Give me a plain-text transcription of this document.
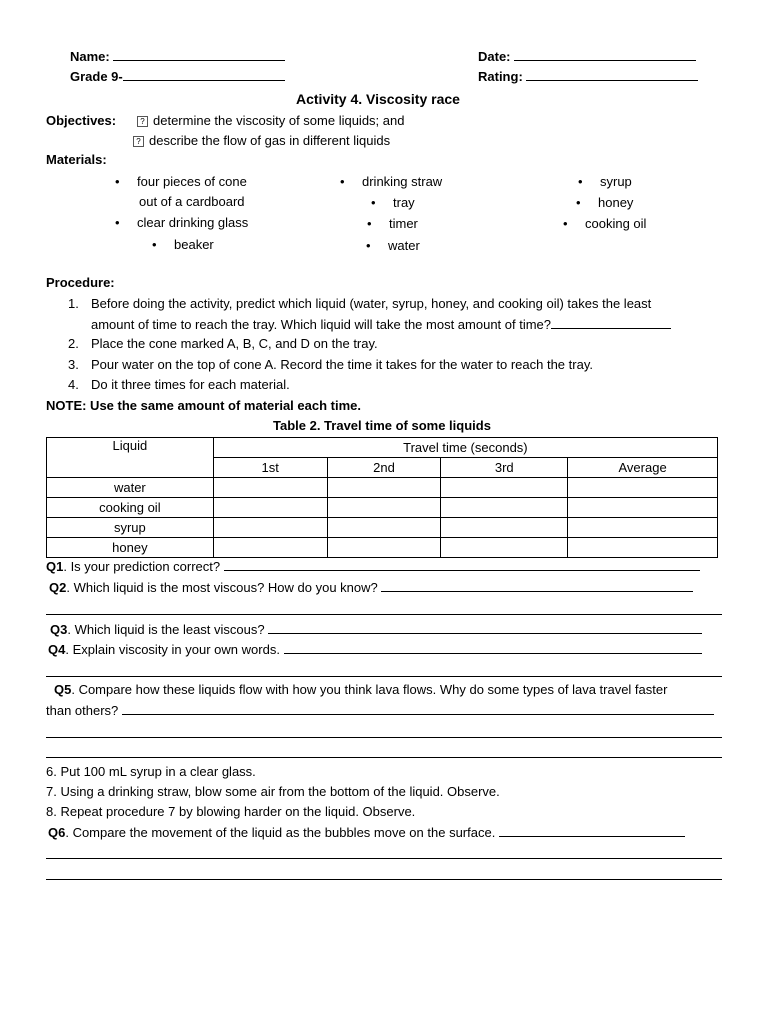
Name:	Date:
Grade 9-	Rating:
Activity 4. Viscosity race
Objectives:	? determine the viscosity of some liquids; and
? describe the flow of gas in different liquids
Materials:
• four pieces of cone
out of a cardboard
• clear drinking glass
• beaker
• drinking straw
• tray
• timer
• water
• syrup
• honey
• cooking oil
Procedure:
1. Before doing the activity, predict which liquid (water, syrup, honey, and cooking oil) takes the least
amount of time to reach the tray. Which liquid will take the most amount of time?
2. Place the cone marked A, B, C, and D on the tray.
3. Pour water on the top of cone A. Record the time it takes for the water to reach the tray.
4. Do it three times for each material.
NOTE: Use the same amount of material each time.
Table 2. Travel time of some liquids
Liquid	Travel time (seconds)			
	1st	2nd	3rd	Average
water				
cooking oil				
syrup				
honey				
Q1. Is your prediction correct?
Q2. Which liquid is the most viscous? How do you know?
Q3. Which liquid is the least viscous?
Q4. Explain viscosity in your own words.
Q5. Compare how these liquids flow with how you think lava flows. Why do some types of lava travel faster
than others?
6. Put 100 mL syrup in a clear glass.
7. Using a drinking straw, blow some air from the bottom of the liquid. Observe.
8. Repeat procedure 7 by blowing harder on the liquid. Observe.
Q6. Compare the movement of the liquid as the bubbles move on the surface.
